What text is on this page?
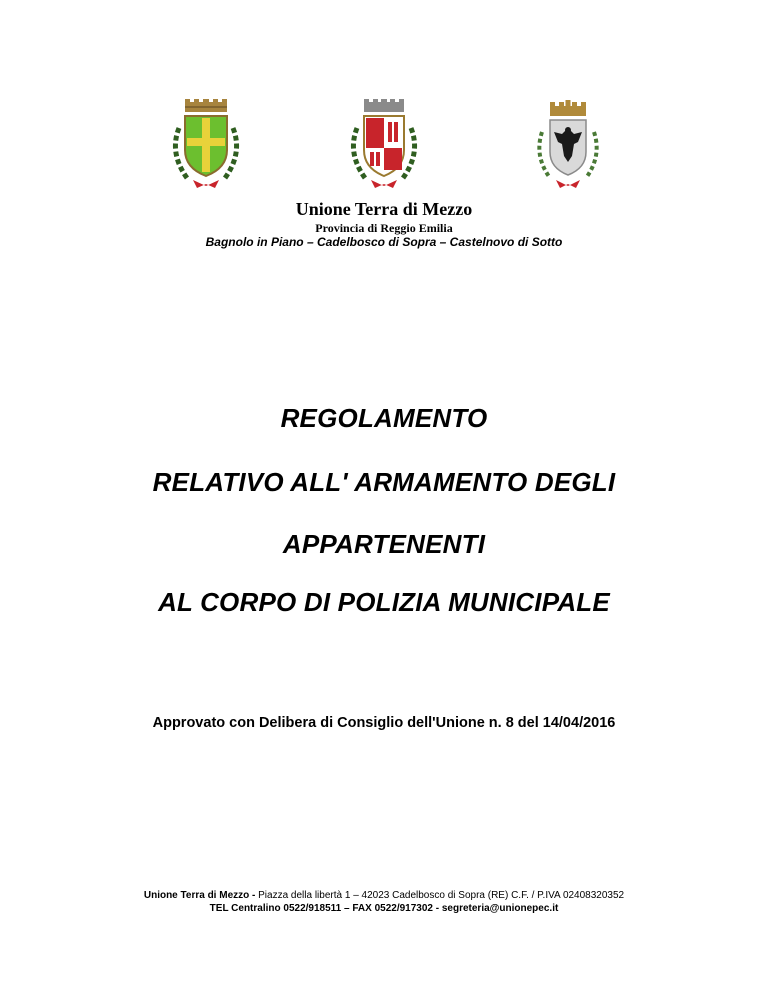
Unione Terra di Mezzo
Provincia di Reggio Emilia
Bagnolo in Piano – Cadelbosco di Sopra – Castelnovo di Sotto
REGOLAMENTO
RELATIVO ALL' ARMAMENTO DEGLI
APPARTENENTI
AL CORPO DI POLIZIA MUNICIPALE
Approvato con Delibera di Consiglio dell'Unione n. 8 del 14/04/2016
Unione Terra di Mezzo - Piazza della libertà 1 – 42023 Cadelbosco di Sopra (RE) C.F. / P.IVA 02408320352
TEL Centralino 0522/918511 – FAX 0522/917302 - segreteria@unionepec.it
